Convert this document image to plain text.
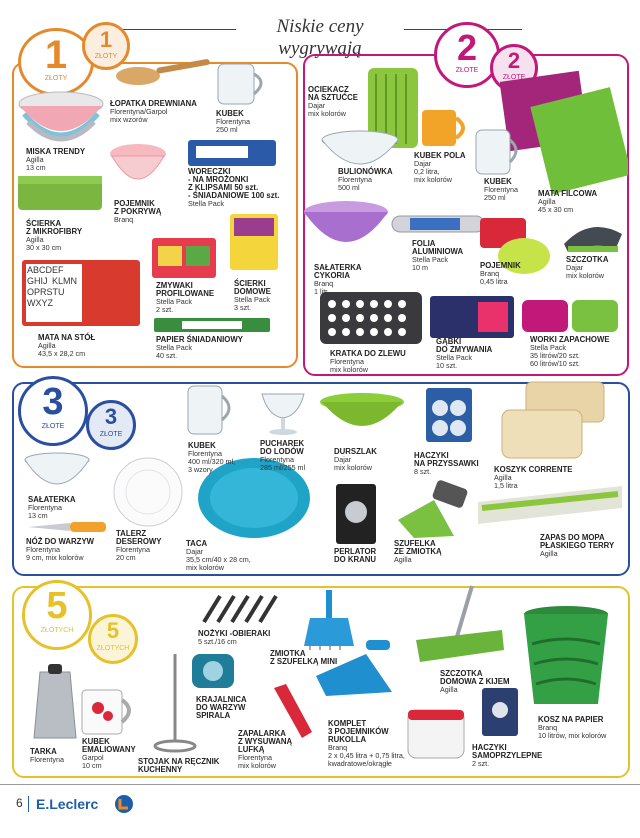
Niskie ceny wygrywają
1
ZŁOTY
1
ZŁOTY	2
ZŁOTE	2
ZŁOTE
3
ZŁOTE	3
ZŁOTE
5
ZŁOTYCH	5
ZŁOTYCH
ABCDEF GHIJ KLMN OPRSTU WXYZ
ŁOPATKA DREWNIANA
Florentyna/Garpol
mix wzorów
KUBEK
Florentyna
250 ml
MISKA TRENDY
Agilla
13 cm	WORECZKI
- NA MROŻONKI
Z KLIPSAMI 50 szt.
- ŚNIADANIOWE 100 szt.
Stella Pack
POJEMNIK
Z POKRYWĄ
Branq
ŚCIERKA
Z MIKROFIBRY
Agilla
30 x 30 cm
ZMYWAKI
PROFILOWANE
Stella Pack
2 szt.
ŚCIERKI
DOMOWE
Stella Pack
3 szt.
MATA NA STÓŁ
Agilla
43,5 x 28,2 cm
PAPIER ŚNIADANIOWY
Stella Pack
40 szt.
OCIEKACZ
NA SZTUĆCE
Dajar
mix kolorów
BULIONÓWKA
Florentyna
500 ml
KUBEK POLA
Dajar
0,2 litra,
mix kolorów	KUBEK
Florentyna
250 ml	MATA FILCOWA
Agilla
45 x 30 cm
SAŁATERKA
CYKORIA
Branq
1 litr
FOLIA
ALUMINIOWA
Stella Pack
10 m	POJEMNIK
Branq
0,45 litra
SZCZOTKA
Dajar
mix kolorów
KRATKA DO ZLEWU
Florentyna
mix kolorów
GĄBKI
DO ZMYWANIA
Stella Pack
10 szt.
WORKI ZAPACHOWE
Stella Pack
35 litrów/20 szt.
60 litrów/10 szt.
KUBEK
Florentyna
400 ml/320 ml,
3 wzory
PUCHAREK
DO LODÓW
Florentyna
285 ml/255 ml
DURSZLAK
Dajar
mix kolorów
HACZYKI
NA PRZYSSAWKI
8 szt.	KOSZYK CORRENTE
Agilla
1,5 litra
SAŁATERKA
Florentyna
13 cm
NÓŻ DO WARZYW
Florentyna
9 cm, mix kolorów
TALERZ
DESEROWY
Florentyna
20 cm
TACA
Dajar
35,5 cm/40 x 28 cm,
mix kolorów
PERLATOR
DO KRANU
SZUFELKA
ZE ZMIOTKĄ
Agilla
ZAPAS DO MOPA
PŁASKIEGO TERRY
Agilla
NOŻYKI -OBIERAKI
5 szt./16 cm
ZMIOTKA
Z SZUFELKĄ MINI
SZCZOTKA
DOMOWA Z KIJEM
Agilla
KOSZ NA PAPIER
Branq
10 litrów, mix kolorów
KRAJALNICA
DO WARZYW
SPIRALA
TARKA
Florentyna
KUBEK
EMALIOWANY
Garpol
10 cm
ZAPALARKA
Z WYSUWANĄ
LUFKĄ
Florentyna
mix kolorów
KOMPLET
3 POJEMNIKÓW
RUKOLLA
Branq
2 x 0,45 litra + 0,75 litra,
kwadratowe/okrągłe
HACZYKI
SAMOPRZYLEPNE
2 szt.
STOJAK NA RĘCZNIK
KUCHENNY
6 E.Leclerc
